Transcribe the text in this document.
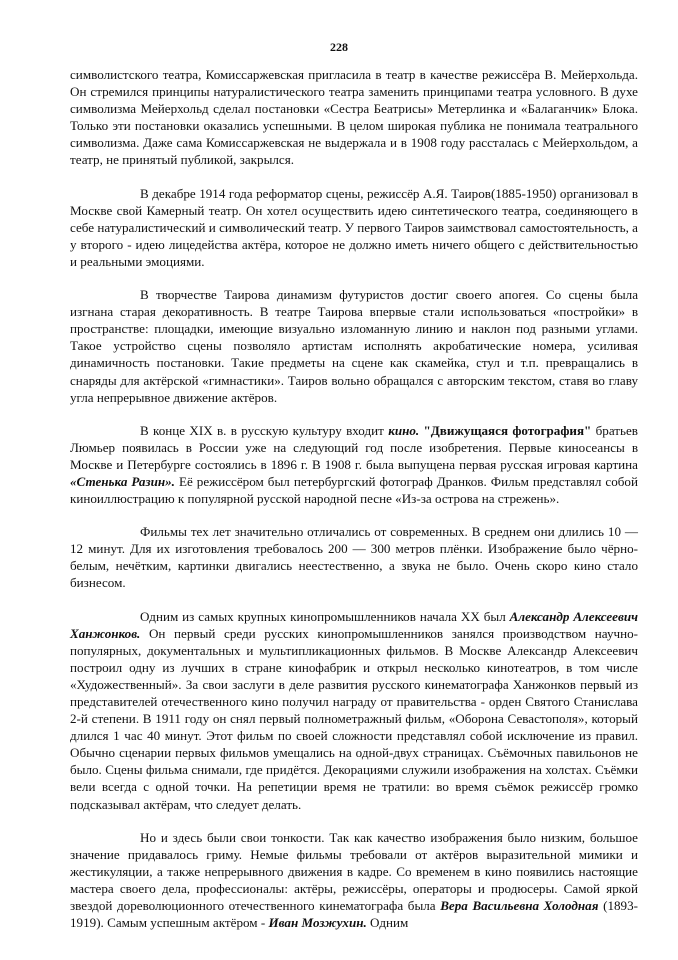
228

символистского театра, Комиссаржевская пригласила в театр в качестве режиссёра В. Мейерхольда. Он стремился принципы натуралистического театра заменить принципами театра условного. В духе символизма Мейерхольд сделал постановки «Сестра Беатрисы» Метерлинка и «Балаганчик» Блока. Только эти постановки оказались успешными. В целом широкая публика не понимала театрального символизма. Даже сама Комиссаржевская не выдержала и в 1908 году рассталась с Мейерхольдом, а театр, не принятый публикой, закрылся.

В декабре 1914 года реформатор сцены, режиссёр А.Я. Таиров(1885-1950) организовал в Москве свой Камерный театр. Он хотел осуществить идею синтетического театра, соединяющего в себе натуралистический и символический театр. У первого Таиров заимствовал самостоятельность, а у второго - идею лицедейства актёра, которое не должно иметь ничего общего с действительностью и реальными эмоциями.

В творчестве Таирова динамизм футуристов достиг своего апогея. Со сцены была изгнана старая декоративность. В театре Таирова впервые стали использоваться «постройки» в пространстве: площадки, имеющие визуально изломанную линию и наклон под разными углами. Такое устройство сцены позволяло артистам исполнять акробатические номера, усиливая динамичность постановки. Такие предметы на сцене как скамейка, стул и т.п. превращались в снаряды для актёрской «гимнастики». Таиров вольно обращался с авторским текстом, ставя во главу угла непрерывное движение актёров.

В конце XIX в. в русскую культуру входит кино. "Движущаяся фотография" братьев Люмьер появилась в России уже на следующий год после изобретения. Первые киносеансы в Москве и Петербурге состоялись в 1896 г. В 1908 г. была выпущена первая русская игровая картина «Стенька Разин». Её режиссёром был петербургский фотограф Дранков. Фильм представлял собой киноиллюстрацию к популярной русской народной песне «Из-за острова на стрежень».

Фильмы тех лет значительно отличались от современных. В среднем они длились 10 — 12 минут. Для их изготовления требовалось 200 — 300 метров плёнки. Изображение было чёрно-белым, нечётким, картинки двигались неестественно, а звука не было. Очень скоро кино стало бизнесом.

Одним из самых крупных кинопромышленников начала ХХ был Александр Алексеевич Ханжонков. Он первый среди русских кинопромышленников занялся производством научно-популярных, документальных и мультипликационных фильмов. В Москве Александр Алексеевич построил одну из лучших в стране кинофабрик и открыл несколько кинотеатров, в том числе «Художественный». За свои заслуги в деле развития русского кинематографа Ханжонков первый из представителей отечественного кино получил награду от правительства - орден Святого Станислава 2-й степени. В 1911 году он снял первый полнометражный фильм, «Оборона Севастополя», который длился 1 час 40 минут. Этот фильм по своей сложности представлял собой исключение из правил. Обычно сценарии первых фильмов умещались на одной-двух страницах. Съёмочных павильонов не было. Сцены фильма снимали, где придётся. Декорациями служили изображения на холстах. Съёмки вели всегда с одной точки. На репетиции время не тратили: во время съёмок режиссёр громко подсказывал актёрам, что следует делать.

Но и здесь были свои тонкости. Так как качество изображения было низким, большое значение придавалось гриму. Немые фильмы требовали от актёров выразительной мимики и жестикуляции, а также непрерывного движения в кадре. Со временем в кино появились настоящие мастера своего дела, профессионалы: актёры, режиссёры, операторы и продюсеры. Самой яркой звездой дореволюционного отечественного кинематографа была Вера Васильевна Холодная (1893-1919). Самым успешным актёром - Иван Мозжухин. Одним
